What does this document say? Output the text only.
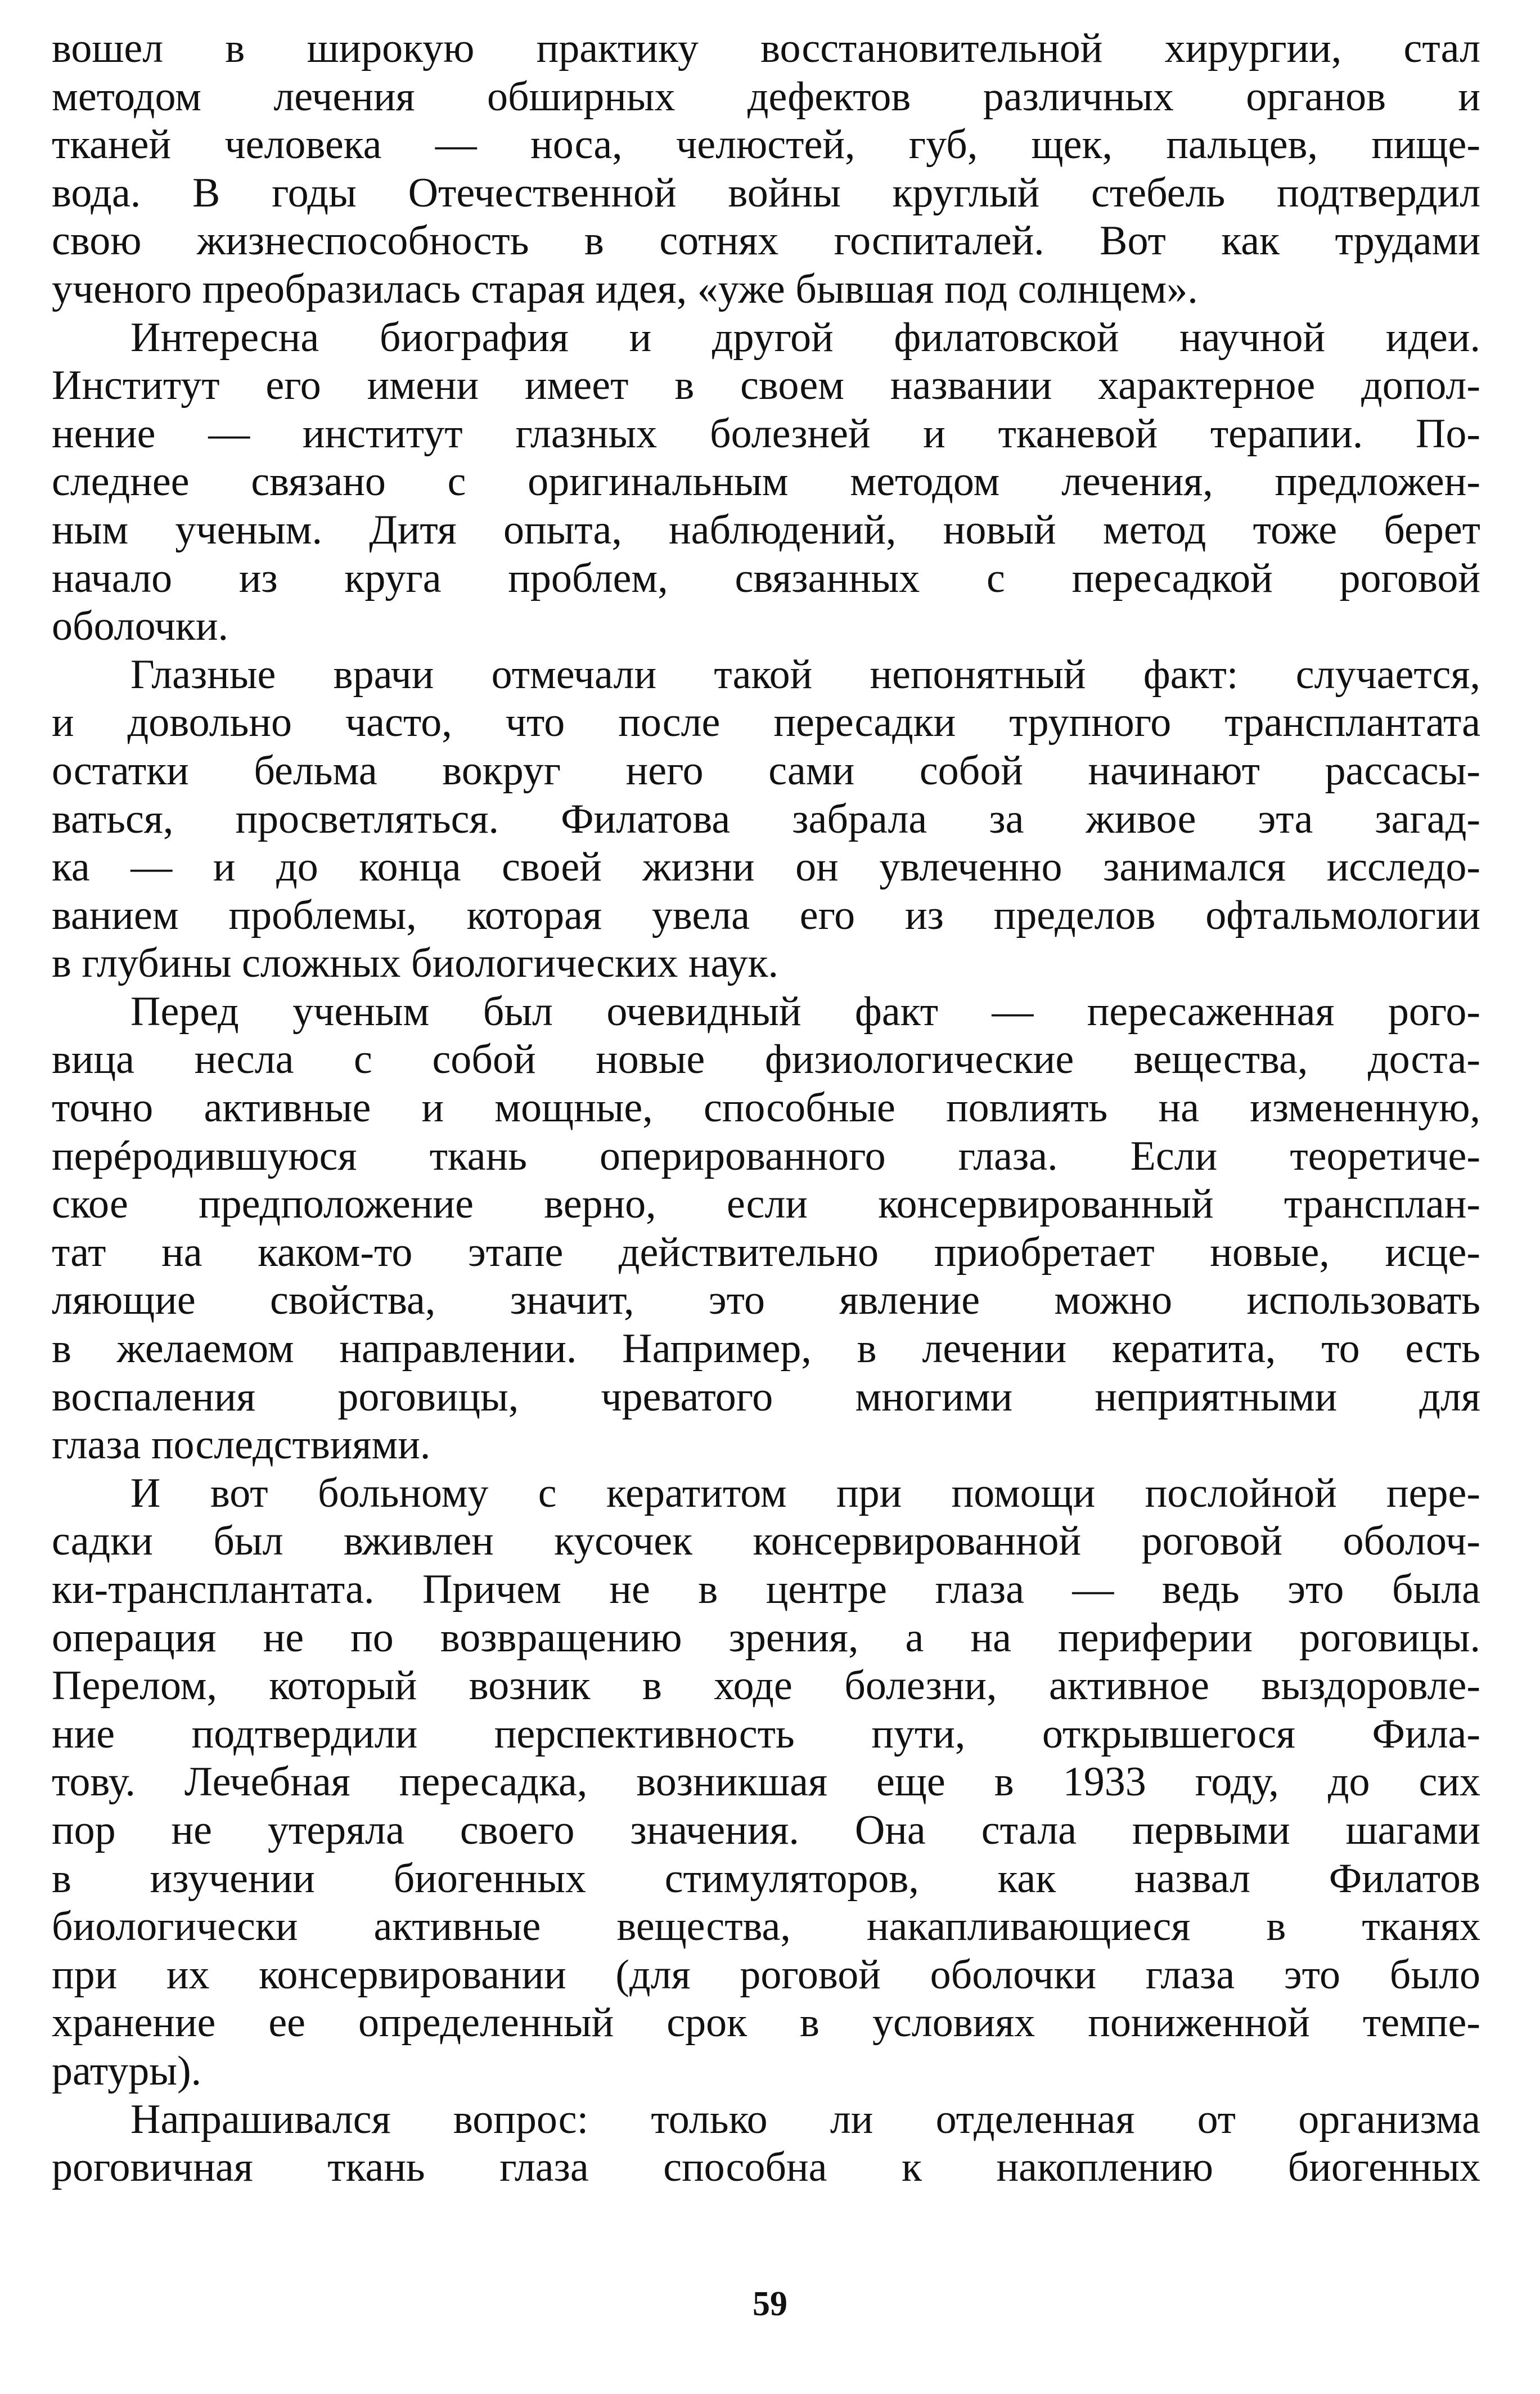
вошел в широкую практику восстановительной хирургии, стал
методом лечения обширных дефектов различных органов и
тканей человека — носа, челюстей, губ, щек, пальцев, пище-
вода. В годы Отечественной войны круглый стебель подтвердил
свою жизнеспособность в сотнях госпиталей. Вот как трудами
ученого преобразилась старая идея, «уже бывшая под солнцем».
Интересна биография и другой филатовской научной идеи.
Институт его имени имеет в своем названии характерное допол-
нение — институт глазных болезней и тканевой терапии. По-
следнее связано с оригинальным методом лечения, предложен-
ным ученым. Дитя опыта, наблюдений, новый метод тоже берет
начало из круга проблем, связанных с пересадкой роговой
оболочки.
Глазные врачи отмечали такой непонятный факт: случается,
и довольно часто, что после пересадки трупного трансплантата
остатки бельма вокруг него сами собой начинают рассасы-
ваться, просветляться. Филатова забрала за живое эта загад-
ка — и до конца своей жизни он увлеченно занимался исследо-
ванием проблемы, которая увела его из пределов офтальмологии
в глубины сложных биологических наук.
Перед ученым был очевидный факт — пересаженная рого-
вица несла с собой новые физиологические вещества, доста-
точно активные и мощные, способные повлиять на измененную,
перéродившуюся ткань оперированного глаза. Если теоретиче-
ское предположение верно, если консервированный трансплан-
тат на каком-то этапе действительно приобретает новые, исце-
ляющие свойства, значит, это явление можно использовать
в желаемом направлении. Например, в лечении кератита, то есть
воспаления роговицы, чреватого многими неприятными для
глаза последствиями.
И вот больному с кератитом при помощи послойной пере-
садки был вживлен кусочек консервированной роговой оболоч-
ки-трансплантата. Причем не в центре глаза — ведь это была
операция не по возвращению зрения, а на периферии роговицы.
Перелом, который возник в ходе болезни, активное выздоровле-
ние подтвердили перспективность пути, открывшегося Фила-
тову. Лечебная пересадка, возникшая еще в 1933 году, до сих
пор не утеряла своего значения. Она стала первыми шагами
в изучении биогенных стимуляторов, как назвал Филатов
биологически активные вещества, накапливающиеся в тканях
при их консервировании (для роговой оболочки глаза это было
хранение ее определенный срок в условиях пониженной темпе-
ратуры).
Напрашивался вопрос: только ли отделенная от организма
роговичная ткань глаза способна к накоплению биогенных
59
